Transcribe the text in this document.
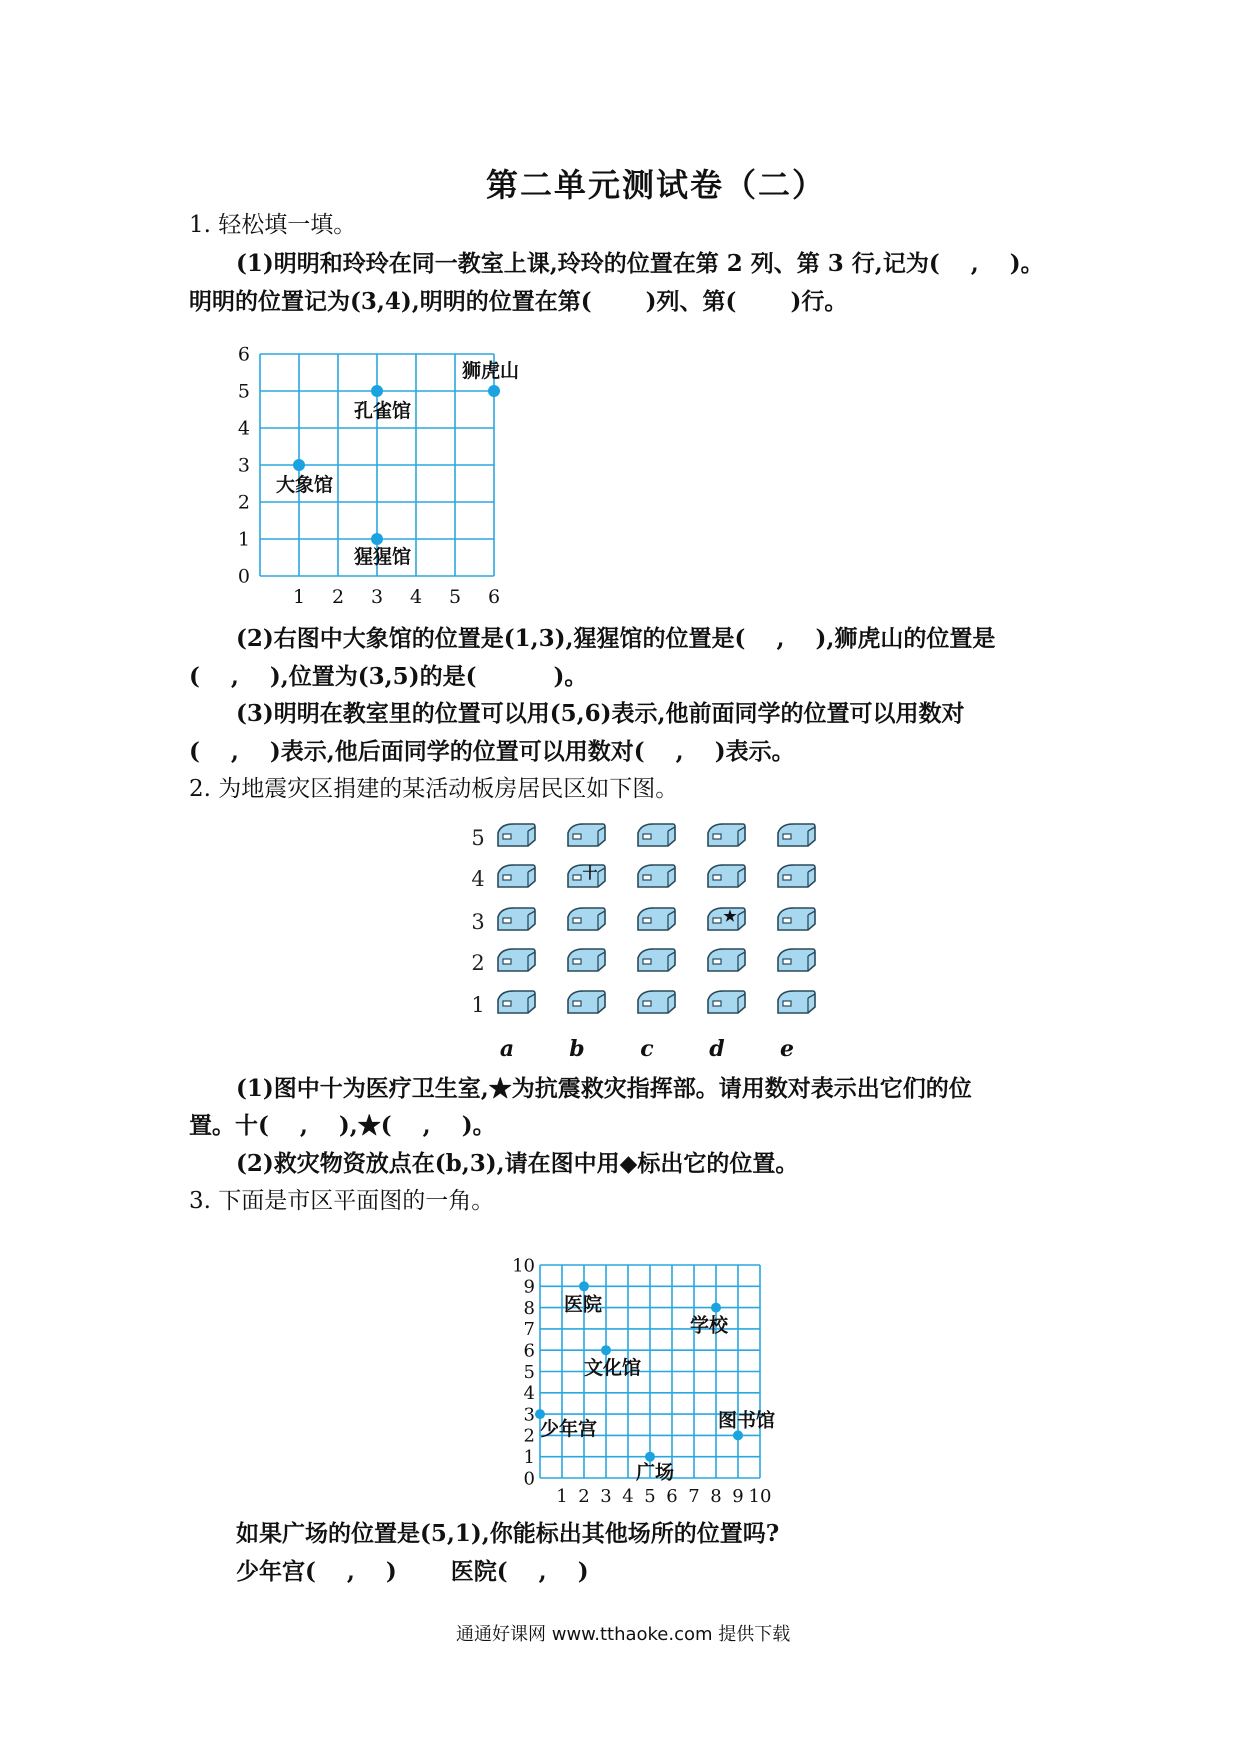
第二单元测试卷（二）
1. 轻松填一填。
(1)明明和玲玲在同一教室上课,玲玲的位置在第 2 列、第 3 行,记为(　 ,　 )。
明明的位置记为(3,4),明明的位置在第(　　 )列、第(　　 )行。
1 2 3 4 5 6
0
1
2
3
4
5
6
大象馆
孔雀馆
狮虎山
猩猩馆
(2)右图中大象馆的位置是(1,3),猩猩馆的位置是(　 ,　 ),狮虎山的位置是
(　 ,　 ),位置为(3,5)的是(　　　 )。
(3)明明在教室里的位置可以用(5,6)表示,他前面同学的位置可以用数对
(　 ,　 )表示,他后面同学的位置可以用数对(　 ,　 )表示。
2. 为地震灾区捐建的某活动板房居民区如下图。
5
4
3
2
1
a	b	c	d	e
十
★
(1)图中十为医疗卫生室,★为抗震救灾指挥部。请用数对表示出它们的位
置。十(　 ,　 ),★(　 ,　 )。
(2)救灾物资放点在(b,3),请在图中用◆标出它的位置。
3. 下面是市区平面图的一角。
1 2 3 4 5 6 7 8 9 10
0
1
2
3
4
5
6
7
8
9
10
医院
学校
文化馆
少年宫	图书馆
广场
如果广场的位置是(5,1),你能标出其他场所的位置吗?
少年宫(　 ,　 )　　 医院(　 ,　 )
通通好课网 www.tthaoke.com 提供下载
